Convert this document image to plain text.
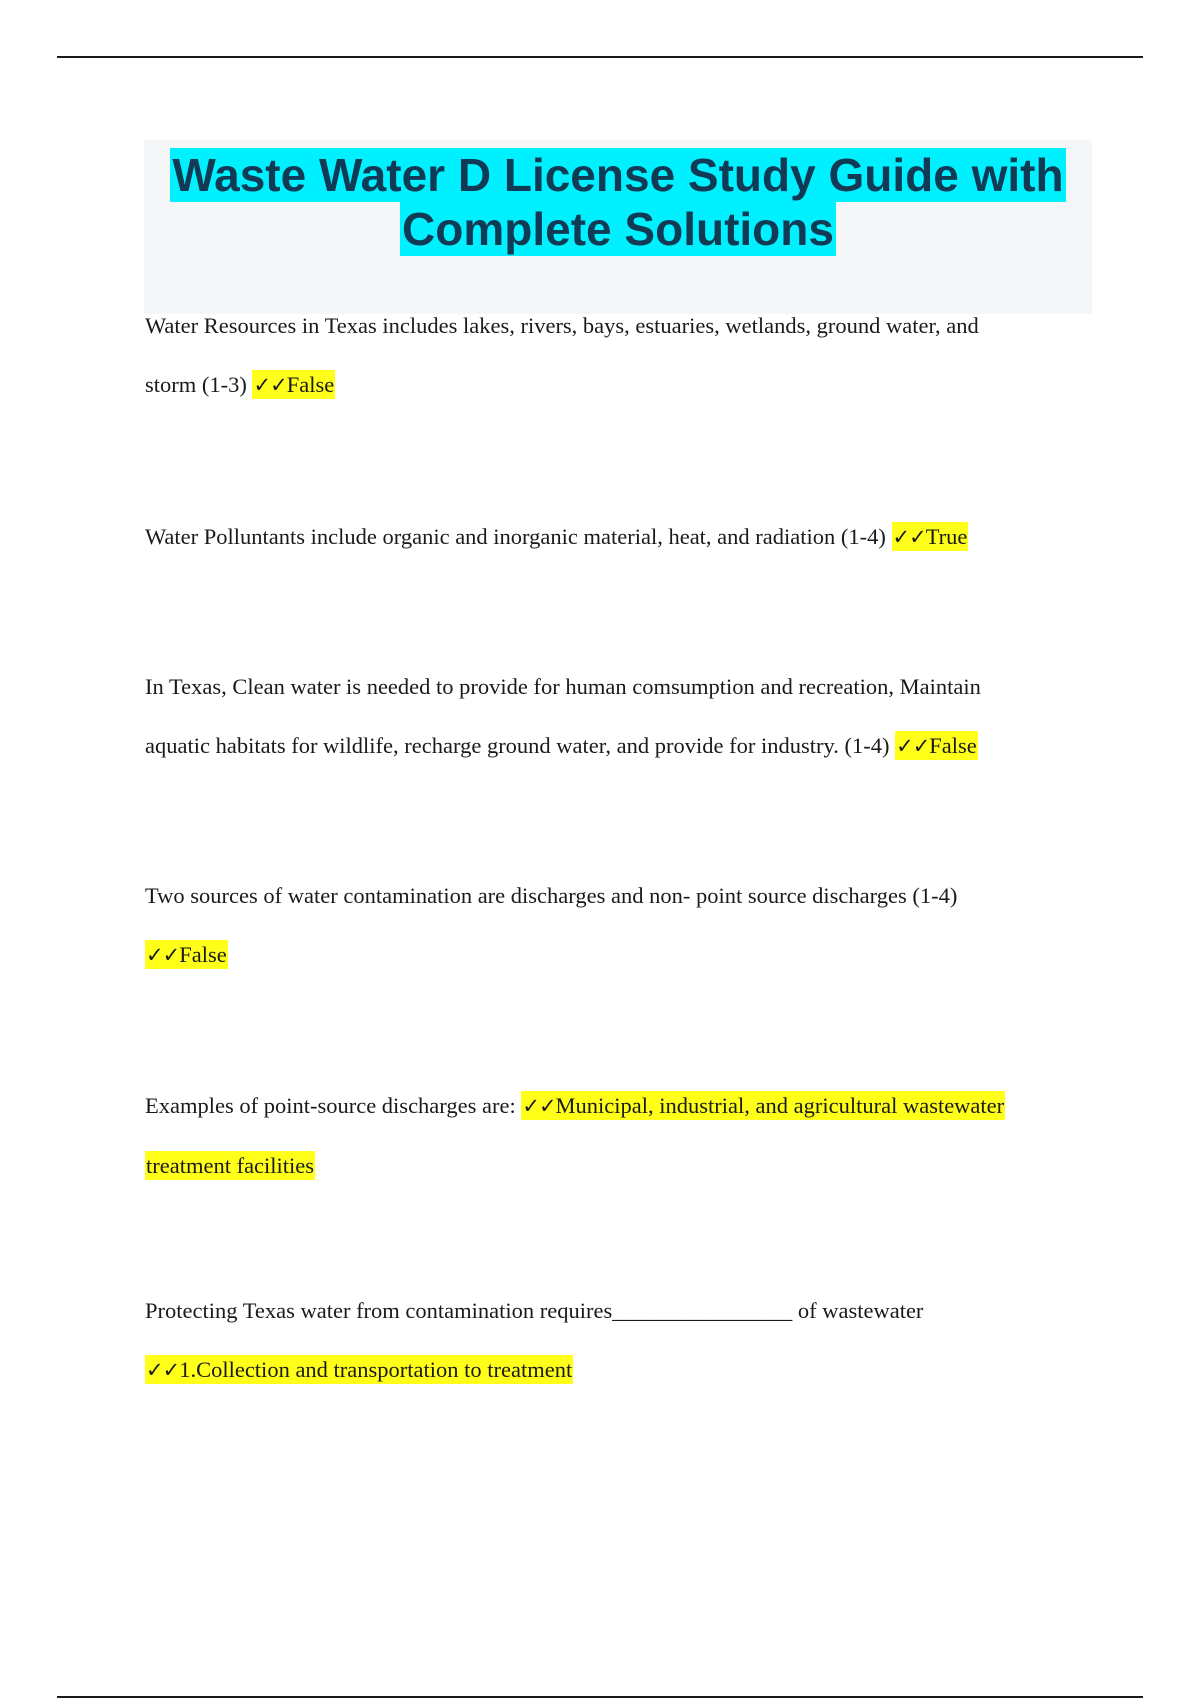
Waste Water D License Study Guide with
Complete Solutions

Water Resources in Texas includes lakes, rivers, bays, estuaries, wetlands, ground water, and

storm (1-3) ✓✓False

Water Polluntants include organic and inorganic material, heat, and radiation (1-4) ✓✓True

In Texas, Clean water is needed to provide for human comsumption and recreation, Maintain

aquatic habitats for wildlife, recharge ground water, and provide for industry. (1-4) ✓✓False

Two sources of water contamination are discharges and non- point source discharges (1-4)

✓✓False

Examples of point-source discharges are: ✓✓Municipal, industrial, and agricultural wastewater

treatment facilities

Protecting Texas water from contamination requires________________ of wastewater

✓✓1.Collection and transportation to treatment
